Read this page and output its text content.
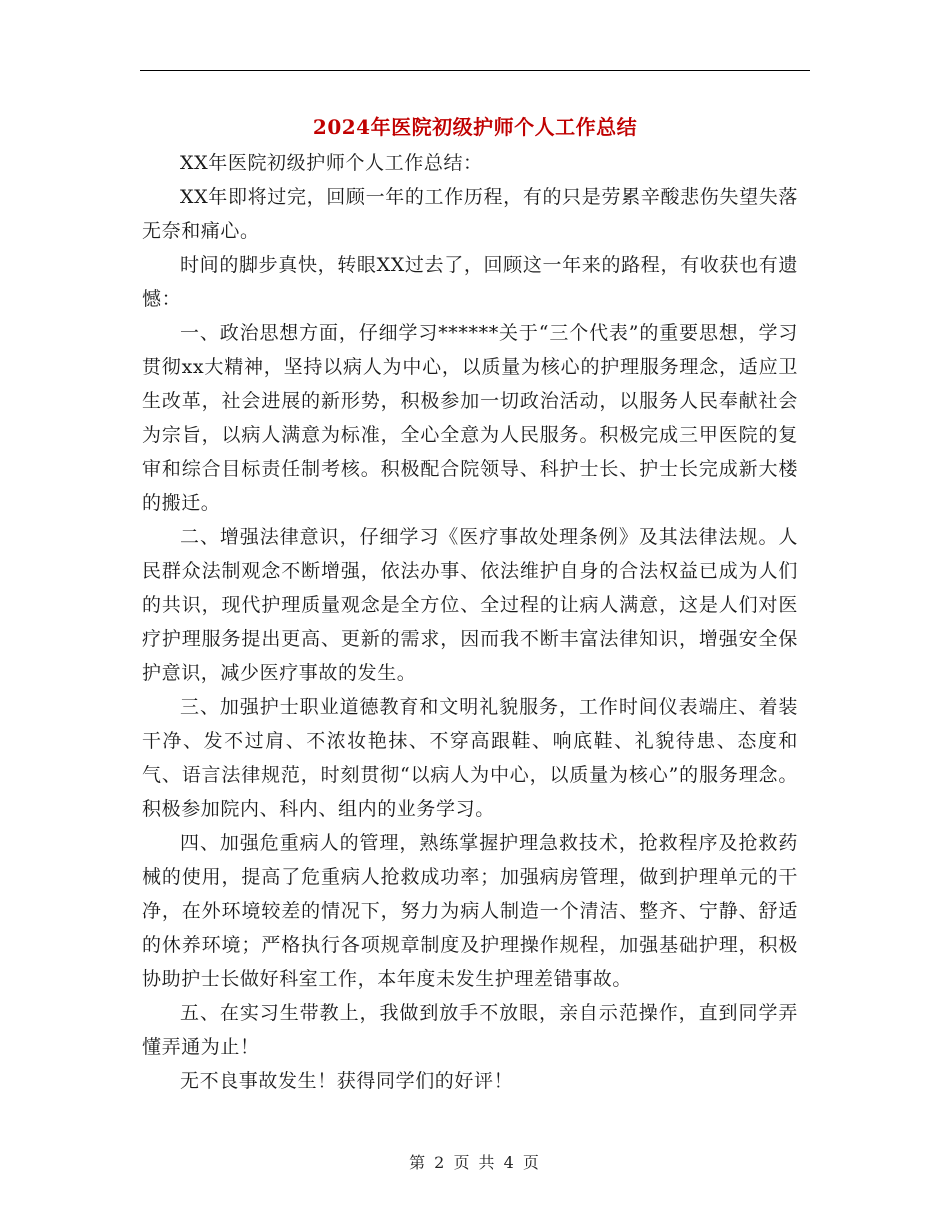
2024年医院初级护师个人工作总结

XX年医院初级护师个人工作总结：

XX年即将过完，回顾一年的工作历程，有的只是劳累辛酸悲伤失望失落无奈和痛心。

时间的脚步真快，转眼XX过去了，回顾这一年来的路程，有收获也有遗憾：

一、政治思想方面，仔细学习******关于“三个代表”的重要思想，学习贯彻xx大精神，坚持以病人为中心，以质量为核心的护理服务理念，适应卫生改革，社会进展的新形势，积极参加一切政治活动，以服务人民奉献社会为宗旨，以病人满意为标准，全心全意为人民服务。积极完成三甲医院的复审和综合目标责任制考核。积极配合院领导、科护士长、护士长完成新大楼的搬迁。

二、增强法律意识，仔细学习《医疗事故处理条例》及其法律法规。人民群众法制观念不断增强，依法办事、依法维护自身的合法权益已成为人们的共识，现代护理质量观念是全方位、全过程的让病人满意，这是人们对医疗护理服务提出更高、更新的需求，因而我不断丰富法律知识，增强安全保护意识，减少医疗事故的发生。

三、加强护士职业道德教育和文明礼貌服务，工作时间仪表端庄、着装干净、发不过肩、不浓妆艳抹、不穿高跟鞋、响底鞋、礼貌待患、态度和气、语言法律规范，时刻贯彻“以病人为中心，以质量为核心”的服务理念。积极参加院内、科内、组内的业务学习。

四、加强危重病人的管理，熟练掌握护理急救技术，抢救程序及抢救药械的使用，提高了危重病人抢救成功率；加强病房管理，做到护理单元的干净，在外环境较差的情况下，努力为病人制造一个清洁、整齐、宁静、舒适的休养环境；严格执行各项规章制度及护理操作规程，加强基础护理，积极协助护士长做好科室工作，本年度未发生护理差错事故。

五、在实习生带教上，我做到放手不放眼，亲自示范操作，直到同学弄懂弄通为止！

无不良事故发生！获得同学们的好评！

第 2 页 共 4 页
